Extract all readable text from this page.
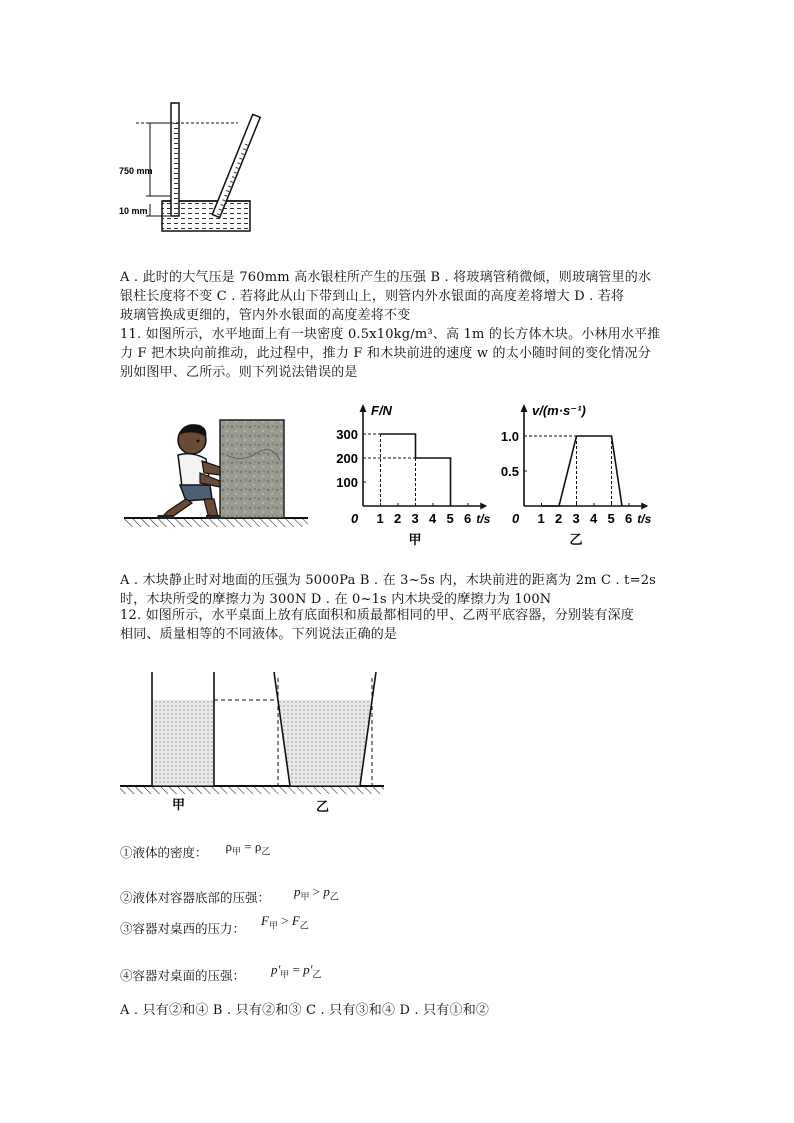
750 mm
10 mm

A . 此时的大气压是 760mm 高水银柱所产生的压强 B . 将玻璃管稍微倾，则玻璃管里的水

银柱长度将不变 C . 若将此从山下带到山上，则管内外水银面的高度差将增大 D . 若将

玻璃管换成更细的，管内外水银面的高度差将不变

11. 如图所示，水平地面上有一块密度 0.5x10kg/m³、高 1m 的长方体木块。小林用水平推

力 F 把木块向前推动，此过程中，推力 F 和木块前进的速度 w 的太小随时间的变化情况分

别如图甲、乙所示。则下列说法错误的是

F/N
t/s
0 1 2 3 4 5 6
100
200
300
甲
v/(m·s⁻¹)
t/s
0 1 2 3 4 5 6
0.5
1.0
乙

A . 木块静止时对地面的压强为 5000Pa B . 在 3~5s 内，木块前进的距离为 2m C . t=2s

时，木块所受的摩擦力为 300N D . 在 0~1s 内木块受的摩擦力为 100N

12. 如图所示，水平桌面上放有底面积和质最都相同的甲、乙两平底容器，分别装有深度

相同、质量相等的不同液体。下列说法正确的是

甲	乙
①液体的密度： $\rho_甲 = \rho_乙$
②液体对容器底部的压强： $p_甲 > p_乙$
③容器对桌西的压力： $F_甲 > F_乙$
④容器对桌面的压强： $p'_甲 = p'_乙$

A . 只有②和④ B . 只有②和③ C . 只有③和④ D . 只有①和②
